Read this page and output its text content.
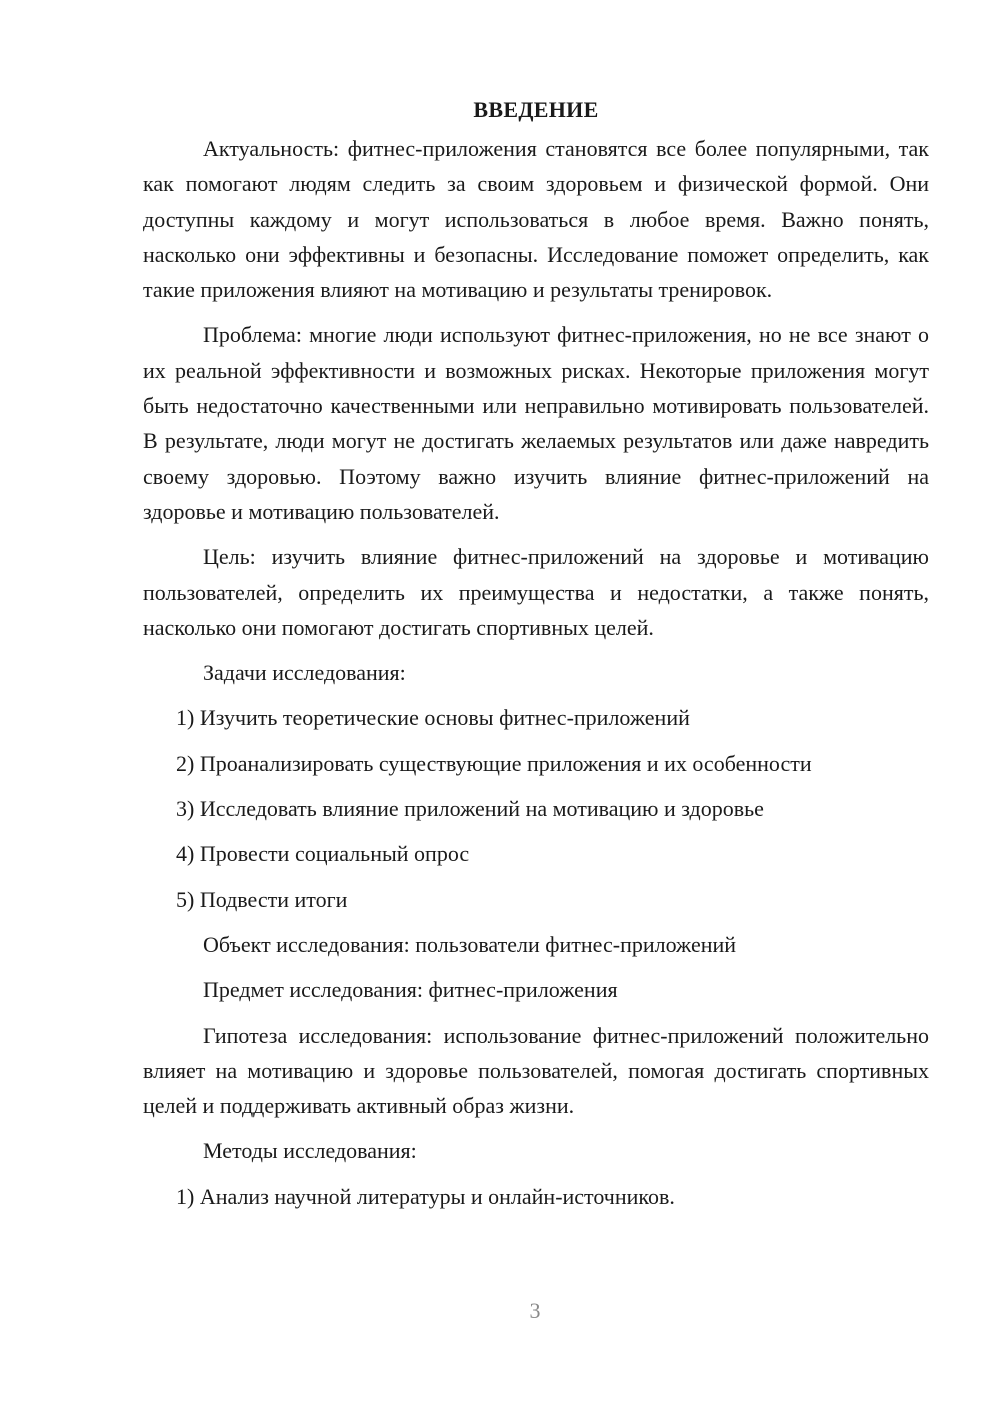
ВВЕДЕНИЕ

Актуальность: фитнес-приложения становятся все более популярными, так как помогают людям следить за своим здоровьем и физической формой. Они доступны каждому и могут использоваться в любое время. Важно понять, насколько они эффективны и безопасны. Исследование поможет определить, как такие приложения влияют на мотивацию и результаты тренировок.

Проблема: многие люди используют фитнес-приложения, но не все знают о их реальной эффективности и возможных рисках. Некоторые приложения могут быть недостаточно качественными или неправильно мотивировать пользователей. В результате, люди могут не достигать желаемых результатов или даже навредить своему здоровью. Поэтому важно изучить влияние фитнес-приложений на здоровье и мотивацию пользователей.

Цель: изучить влияние фитнес-приложений на здоровье и мотивацию пользователей, определить их преимущества и недостатки, а также понять, насколько они помогают достигать спортивных целей.

Задачи исследования:
1) Изучить теоретические основы фитнес-приложений
2) Проанализировать существующие приложения и их особенности
3) Исследовать влияние приложений на мотивацию и здоровье
4) Провести социальный опрос
5) Подвести итоги
Объект исследования: пользователи фитнес-приложений
Предмет исследования: фитнес-приложения

Гипотеза исследования: использование фитнес-приложений положительно влияет на мотивацию и здоровье пользователей, помогая достигать спортивных целей и поддерживать активный образ жизни.

Методы исследования:
1) Анализ научной литературы и онлайн-источников.
3
